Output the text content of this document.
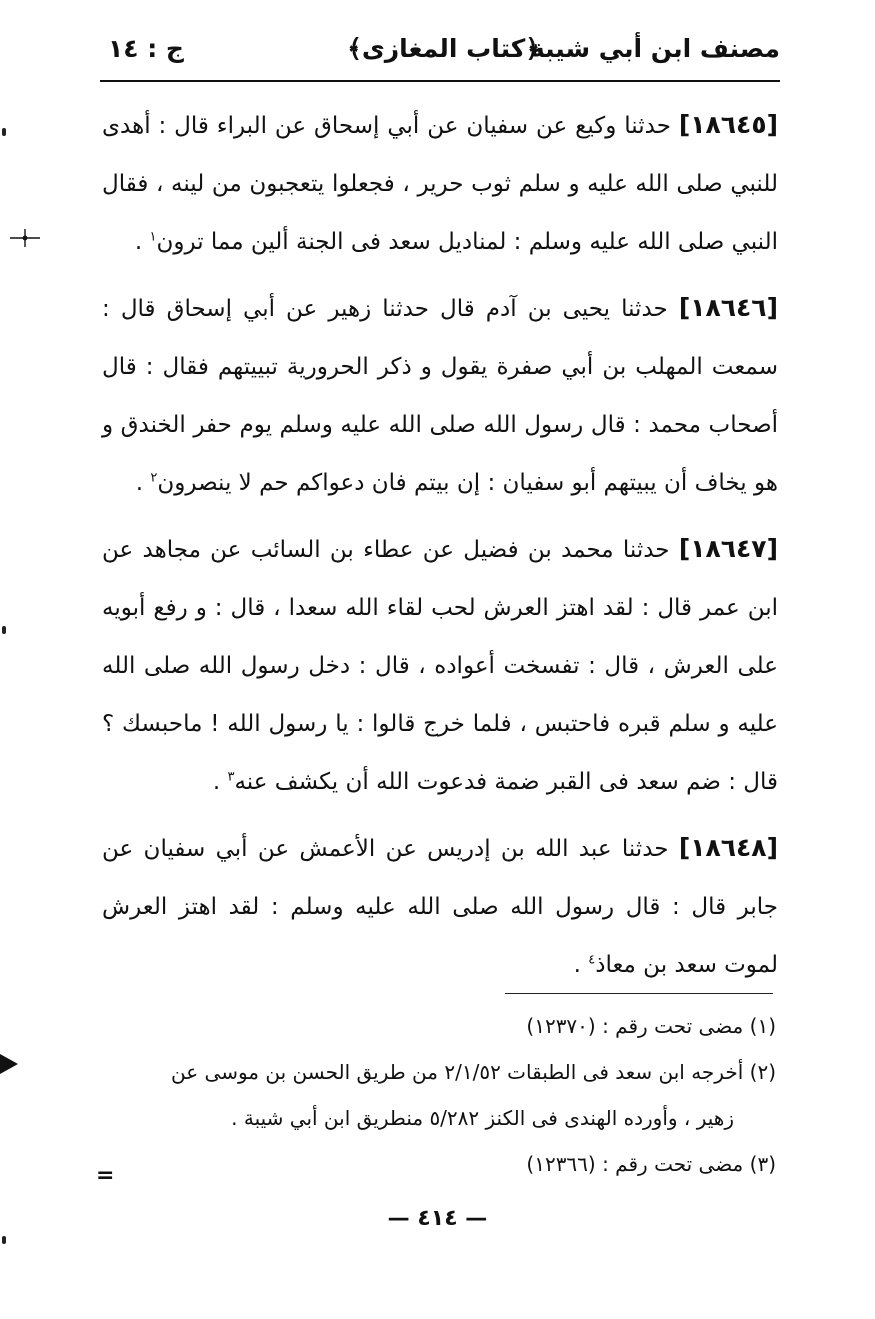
مصنف ابن أبي شيبة
﴿كتاب المغازى﴾
ج : ١٤

[١٨٦٤٥] حدثنا وكيع عن سفيان عن أبي إسحاق عن البراء قال : أهدى للنبي صلى الله عليه و سلم ثوب حرير ، فجعلوا يتعجبون من لينه ، فقال النبي صلى الله عليه وسلم : لمناديل سعد فى الجنة ألين مما ترون$^١$ .

[١٨٦٤٦] حدثنا يحيى بن آدم قال حدثنا زهير عن أبي إسحاق قال : سمعت المهلب بن أبي صفرة يقول و ذكر الحرورية تبييتهم فقال : قال أصحاب محمد : قال رسول الله صلى الله عليه وسلم يوم حفر الخندق و هو يخاف أن يبيتهم أبو سفيان : إن بيتم فان دعواكم حم لا ينصرون$^٢$ .

[١٨٦٤٧] حدثنا محمد بن فضيل عن عطاء بن السائب عن مجاهد عن ابن عمر قال : لقد اهتز العرش لحب لقاء الله سعدا ، قال : و رفع أبويه على العرش ، قال : تفسخت أعواده ، قال : دخل رسول الله صلى الله عليه و سلم قبره فاحتبس ، فلما خرج قالوا : يا رسول الله ! ماحبسك ؟ قال : ضم سعد فى القبر ضمة فدعوت الله أن يكشف عنه$^٣$ .

[١٨٦٤٨] حدثنا عبد الله بن إدريس عن الأعمش عن أبي سفيان عن جابر قال : قال رسول الله صلى الله عليه وسلم : لقد اهتز العرش لموت سعد بن معاذ$^٤$ .

(١) مضى تحت رقم : (١٢٣٧٠)

(٢) أخرجه ابن سعد فى الطبقات ٢/١/٥٢ من طريق الحسن بن موسى عن

زهير ، وأورده الهندى فى الكنز ٥/٢٨٢ منطريق ابن أبي شيبة .

(٣) مضى تحت رقم : (١٢٣٦٦)

=
— ٤١٤ —
